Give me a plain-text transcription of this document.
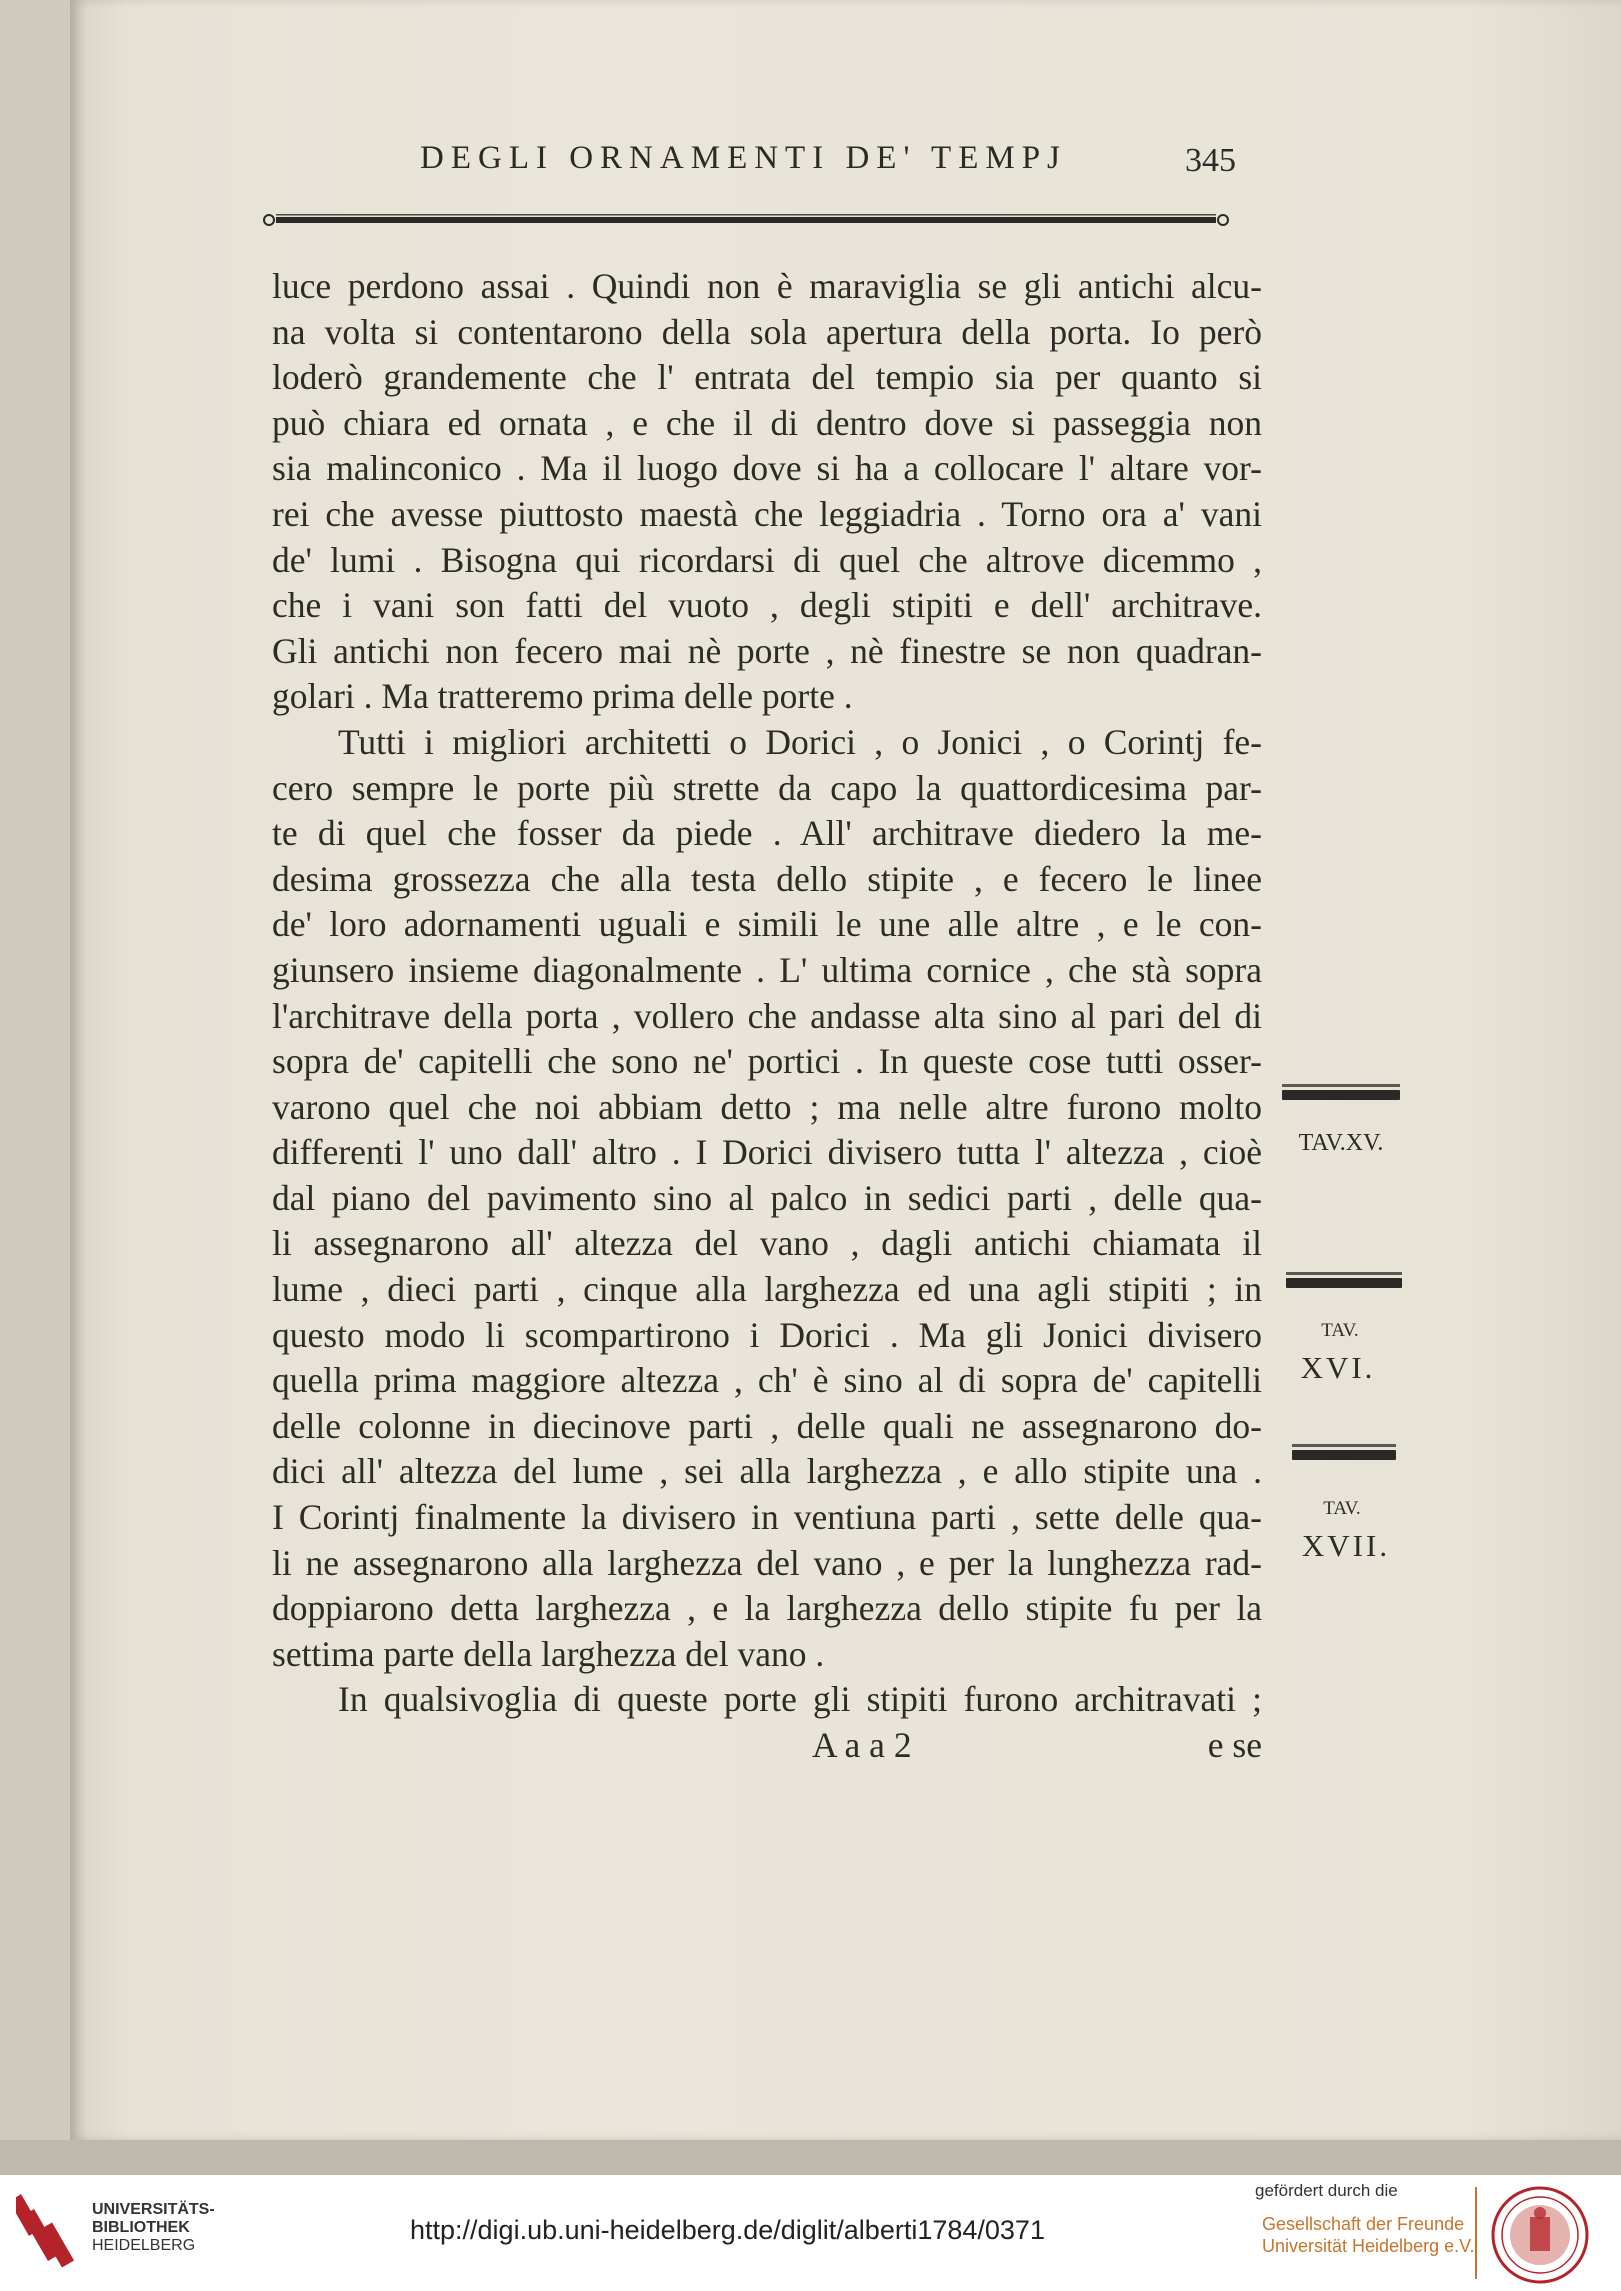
DEGLI ORNAMENTI DE' TEMPJ	345
luce perdono assai . Quindi non è maraviglia se gli antichi alcu-
na volta si contentarono della sola apertura della porta. Io però
loderò grandemente che l' entrata del tempio sia per quanto si
può chiara ed ornata , e che il di dentro dove si passeggia non
sia malinconico . Ma il luogo dove si ha a collocare l' altare vor-
rei che avesse piuttosto maestà che leggiadria . Torno ora a' vani
de' lumi . Bisogna qui ricordarsi di quel che altrove dicemmo ,
che i vani son fatti del vuoto , degli stipiti e dell' architrave.
Gli antichi non fecero mai nè porte , nè finestre se non quadran-
golari . Ma tratteremo prima delle porte .
Tutti i migliori architetti o Dorici , o Jonici , o Corintj fe-
cero sempre le porte più strette da capo la quattordicesima par-
te di quel che fosser da piede . All' architrave diedero la me-
desima grossezza che alla testa dello stipite , e fecero le linee
de' loro adornamenti uguali e simili le une alle altre , e le con-
giunsero insieme diagonalmente . L' ultima cornice , che stà sopra
l'architrave della porta , vollero che andasse alta sino al pari del di
sopra de' capitelli che sono ne' portici . In queste cose tutti osser-
varono quel che noi abbiam detto ; ma nelle altre furono molto
differenti l' uno dall' altro . I Dorici divisero tutta l' altezza , cioè
dal piano del pavimento sino al palco in sedici parti , delle qua-
li assegnarono all' altezza del vano , dagli antichi chiamata il
lume , dieci parti , cinque alla larghezza ed una agli stipiti ; in
questo modo li scompartirono i Dorici . Ma gli Jonici divisero
quella prima maggiore altezza , ch' è sino al di sopra de' capitelli
delle colonne in diecinove parti , delle quali ne assegnarono do-
dici all' altezza del lume , sei alla larghezza , e allo stipite una .
I Corintj finalmente la divisero in ventiuna parti , sette delle qua-
li ne assegnarono alla larghezza del vano , e per la lunghezza rad-
doppiarono detta larghezza , e la larghezza dello stipite fu per la
settima parte della larghezza del vano .
In qualsivoglia di queste porte gli stipiti furono architravati ;
A a a 2	e se
TAV.XV.
TAV.
XVI.
TAV.
XVII.
UNIVERSITÄTS-
BIBLIOTHEK
HEIDELBERG
http://digi.ub.uni-heidelberg.de/diglit/alberti1784/0371
gefördert durch die
Gesellschaft der Freunde
Universität Heidelberg e.V.
